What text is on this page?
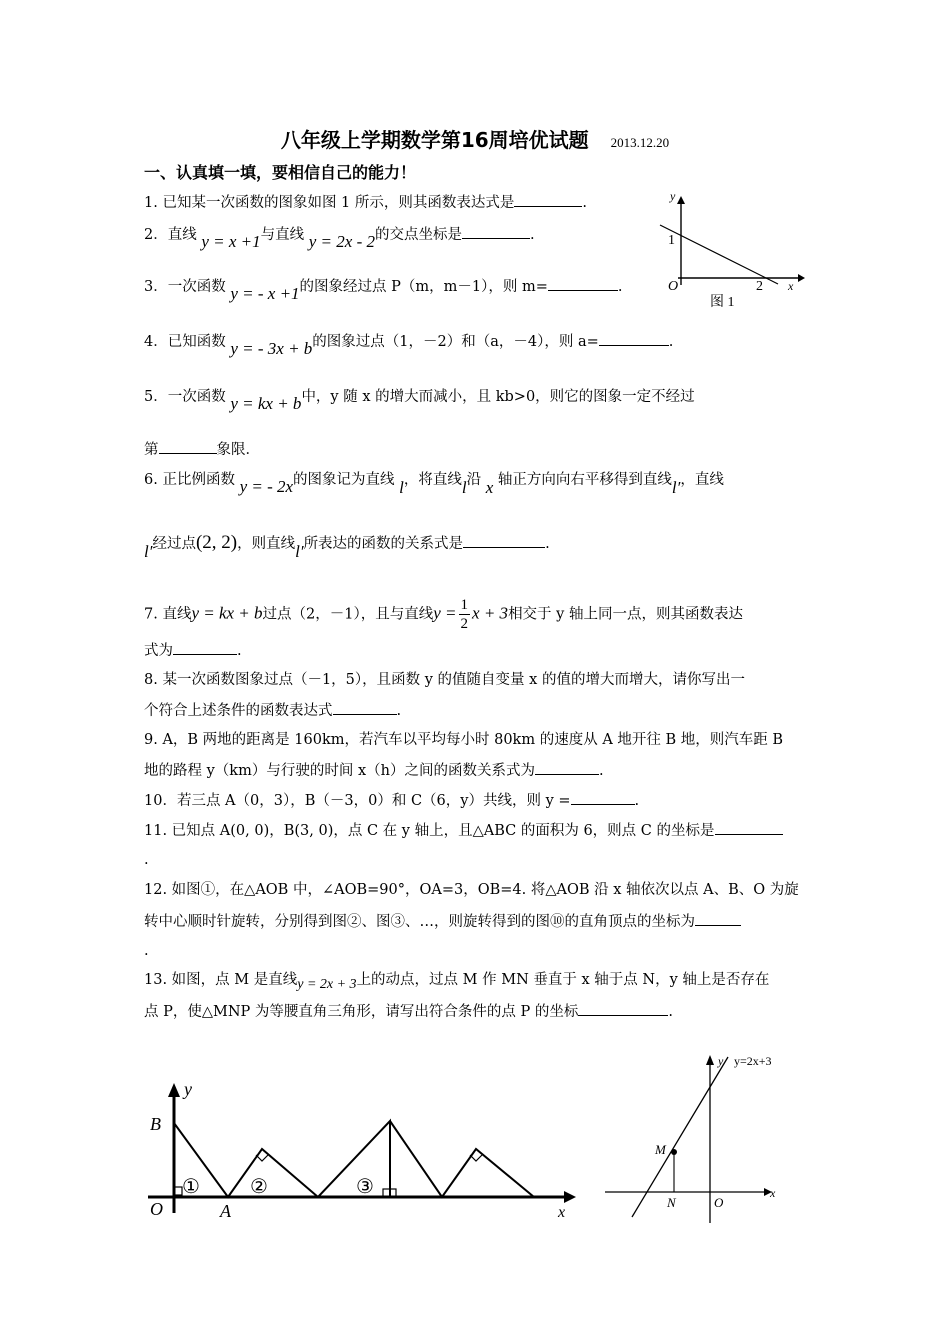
八年级上学期数学第16周培优试题 2013.12.20
一、认真填一填，要相信自己的能力！
1. 已知某一次函数的图象如图 1 所示，则其函数表达式是	.
2．直线 y = x +1与直线 y = 2x - 2的交点坐标是	.
3．一次函数 y = - x +1的图象经过点 P（m，m－1），则 m=	.
4．已知函数 y = - 3x + b的图象过点（1，－2）和（a，－4），则 a=	.
5．一次函数 y = kx + b中，y 随 x 的增大而减小，且 kb>0，则它的图象一定不经过
第	象限．
6. 正比例函数 y = - 2x的图象记为直线 l，将直线l沿 x 轴正方向向右平移得到直线l′，直线
l′经过点(2, 2)，则直线l′所表达的函数的关系式是	.
7. 直线y = kx + b过点（2，－1），且与直线$y = \frac{1}{2}$ x + 3相交于 y 轴上同一点，则其函数表达
式为	.
8. 某一次函数图象过点（－1，5），且函数 y 的值随自变量 x 的值的增大而增大，请你写出一
个符合上述条件的函数表达式	.
9. A，B 两地的距离是 160km，若汽车以平均每小时 80km 的速度从 A 地开往 B 地，则汽车距 B
地的路程 y（km）与行驶的时间 x（h）之间的函数关系式为	.
10．若三点 A（0，3），B（－3，0）和 C（6，y）共线，则 y =	.
11. 已知点 A(0, 0)，B(3, 0)，点 C 在 y 轴上，且△ABC 的面积为 6，则点 C 的坐标是
.
12. 如图①，在△AOB 中，∠AOB=90°，OA=3，OB=4. 将△AOB 沿 x 轴依次以点 A、B、O 为旋
转中心顺时针旋转，分别得到图②、图③、…，则旋转得到的图⑩的直角顶点的坐标为
.
13. 如图，点 M 是直线y = 2x + 3上的动点，过点 M 作 MN 垂直于 x 轴于点 N，y 轴上是否存在
点 P，使△MNP 为等腰直角三角形，请写出符合条件的点 P 的坐标	.
y
x
O
1
2
图 1
y
x
B
O	A
①	②	③
y
x
y=2x+3
M
N	O
